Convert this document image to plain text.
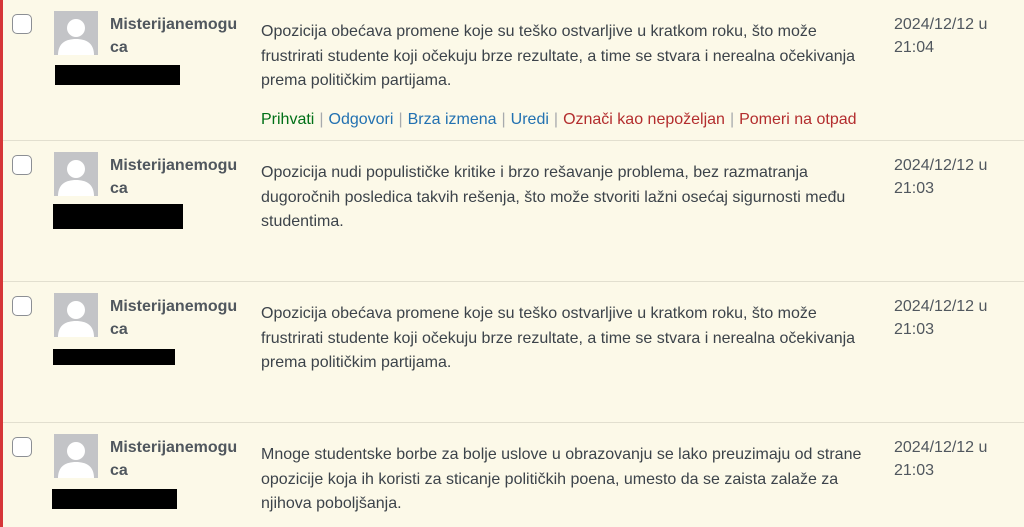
Misterijanemoguca
Opozicija obećava promene koje su teško ostvarljive u kratkom roku, što može frustrirati studente koji očekuju brze rezultate, a time se stvara i nerealna očekivanja prema političkim partijama.
Prihvati | Odgovori | Brza izmena | Uredi | Označi kao nepoželjan | Pomeri na otpad
2024/12/12 u
21:04
Misterijanemoguca
Opozicija nudi populističke kritike i brzo rešavanje problema, bez razmatranja dugoročnih posledica takvih rešenja, što može stvoriti lažni osećaj sigurnosti među studentima.
2024/12/12 u
21:03
Misterijanemoguca
Opozicija obećava promene koje su teško ostvarljive u kratkom roku, što može frustrirati studente koji očekuju brze rezultate, a time se stvara i nerealna očekivanja prema političkim partijama.
2024/12/12 u
21:03
Misterijanemoguca
Mnoge studentske borbe za bolje uslove u obrazovanju se lako preuzimaju od strane opozicije koja ih koristi za sticanje političkih poena, umesto da se zaista zalaže za njihova poboljšanja.
2024/12/12 u
21:03
